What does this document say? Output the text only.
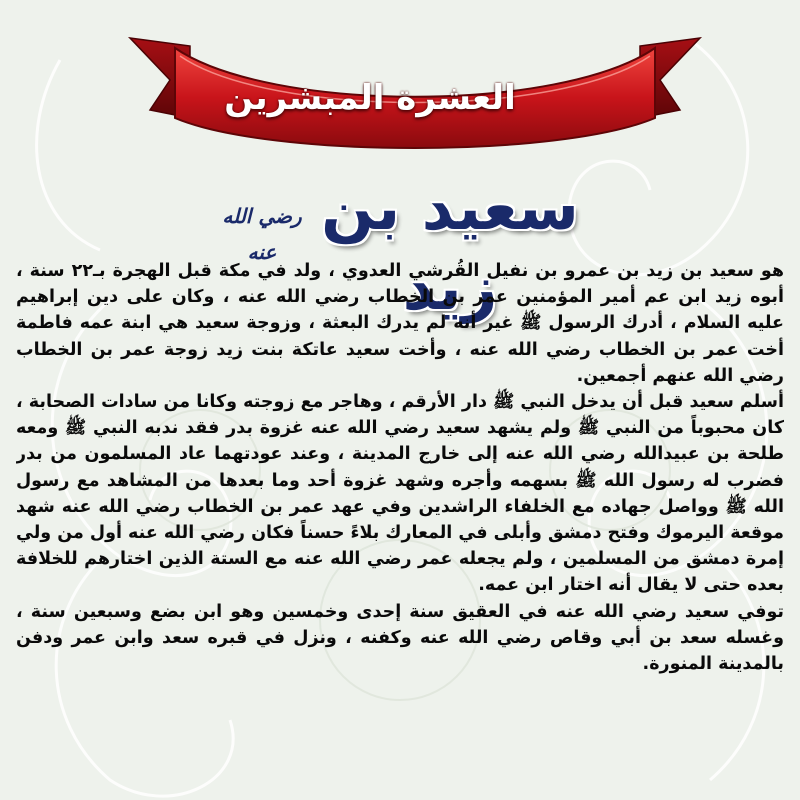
العشرة المبشرين
سعيد بن زيد
رضي الله عنه

هو سعيد بن زيد بن عمرو بن نفيل القُرشي العدوي ، ولد في مكة قبل الهجرة بـ٢٢ سنة ، أبوه زيد ابن عم أمير المؤمنين عمر بن الخطاب رضي الله عنه ، وكان على دين إبراهيم عليه السلام ، أدرك الرسول ﷺ غير أنه لم يدرك البعثة ، وزوجة سعيد هي ابنة عمه فاطمة أخت عمر بن الخطاب رضي الله عنه ، وأخت سعيد عاتكة بنت زيد زوجة عمر بن الخطاب رضي الله عنهم أجمعين.

أسلم سعيد قبل أن يدخل النبي ﷺ دار الأرقم ، وهاجر مع زوجته وكانا من سادات الصحابة ، كان محبوباً من النبي ﷺ ولم يشهد سعيد رضي الله عنه غزوة بدر فقد ندبه النبي ﷺ ومعه طلحة بن عبيدالله رضي الله عنه إلى خارج المدينة ، وعند عودتهما عاد المسلمون من بدر فضرب له رسول الله ﷺ بسهمه وأجره وشهد غزوة أحد وما بعدها من المشاهد مع رسول الله ﷺ وواصل جهاده مع الخلفاء الراشدين وفي عهد عمر بن الخطاب رضي الله عنه شهد موقعة اليرموك وفتح دمشق وأبلى في المعارك بلاءً حسناً فكان رضي الله عنه أول من ولي إمرة دمشق من المسلمين ، ولم يجعله عمر رضي الله عنه مع الستة الذين اختارهم للخلافة بعده حتى لا يقال أنه اختار ابن عمه.

توفي سعيد رضي الله عنه في العقيق سنة إحدى وخمسين وهو ابن بضع وسبعين سنة ، وغسله سعد بن أبي وقاص رضي الله عنه وكفنه ، ونزل في قبره سعد وابن عمر ودفن بالمدينة المنورة.
